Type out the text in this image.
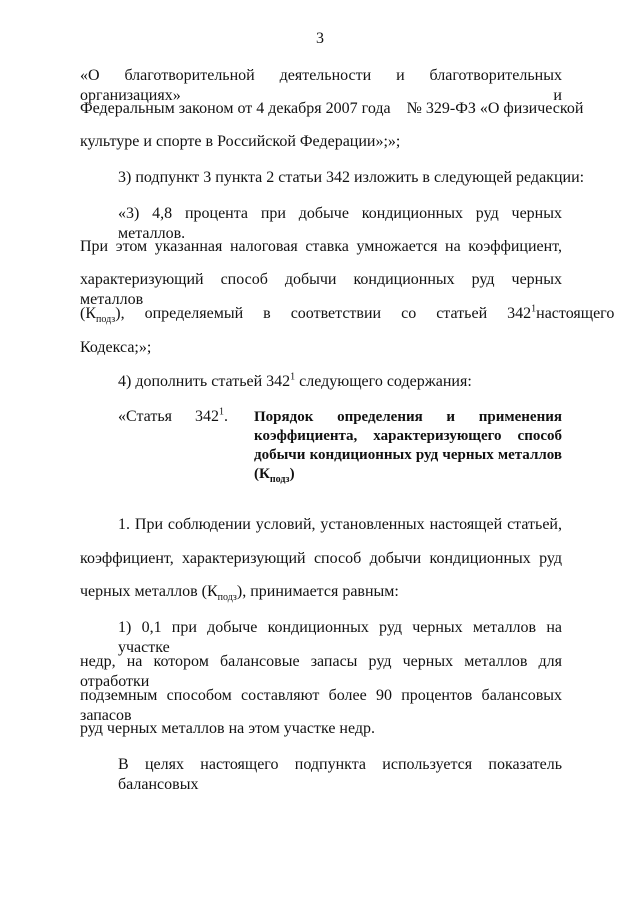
3
«О благотворительной деятельности и благотворительных организациях» и
Федеральным законом от 4 декабря 2007 года    № 329-ФЗ «О физической
культуре и спорте в Российской Федерации»;»;
3) подпункт 3 пункта 2 статьи 342 изложить в следующей редакции:
«3) 4,8 процента при добыче кондиционных руд черных металлов.
При этом указанная налоговая ставка умножается на коэффициент,
характеризующий способ добычи кондиционных руд черных металлов
$(К_{подз})$, определяемый в соответствии со статьей $342^1$ настоящего
Кодекса;»;
4) дополнить статьей $342^1$ следующего содержания:
«Статья $342^1$. Порядок определения и применения
коэффициента, характеризующего способ
добычи кондиционных руд черных металлов
$(К_{подз})$
1. При соблюдении условий, установленных настоящей статьей,
коэффициент, характеризующий способ добычи кондиционных руд
черных металлов $(К_{подз})$, принимается равным:
1) 0,1 при добыче кондиционных руд черных металлов на участке
недр, на котором балансовые запасы руд черных металлов для отработки
подземным способом составляют более 90 процентов балансовых запасов
руд черных металлов на этом участке недр.
В целях настоящего подпункта используется показатель балансовых
